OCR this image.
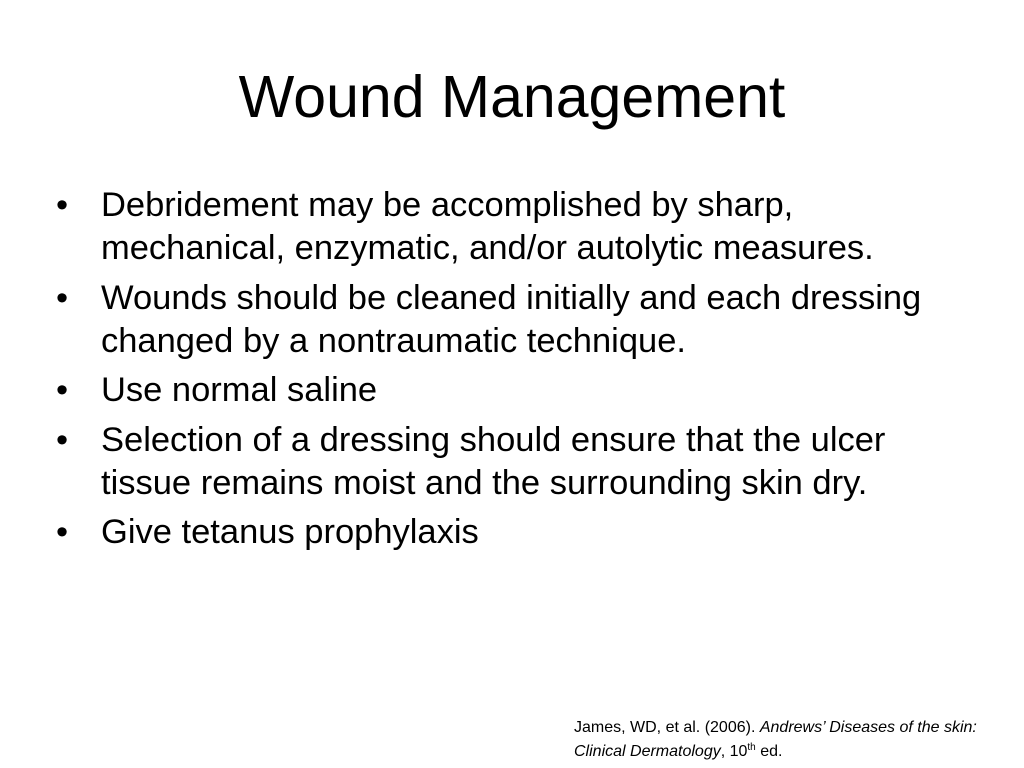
Wound Management
• Debridement may be accomplished by sharp, mechanical, enzymatic, and/or autolytic measures.
• Wounds should be cleaned initially and each dressing changed by a nontraumatic technique.
• Use normal saline
• Selection of a dressing should ensure that the ulcer tissue remains moist and the surrounding skin dry.
• Give tetanus prophylaxis
James, WD, et al. (2006). Andrews’ Diseases of the skin: Clinical Dermatology, 10th ed.
